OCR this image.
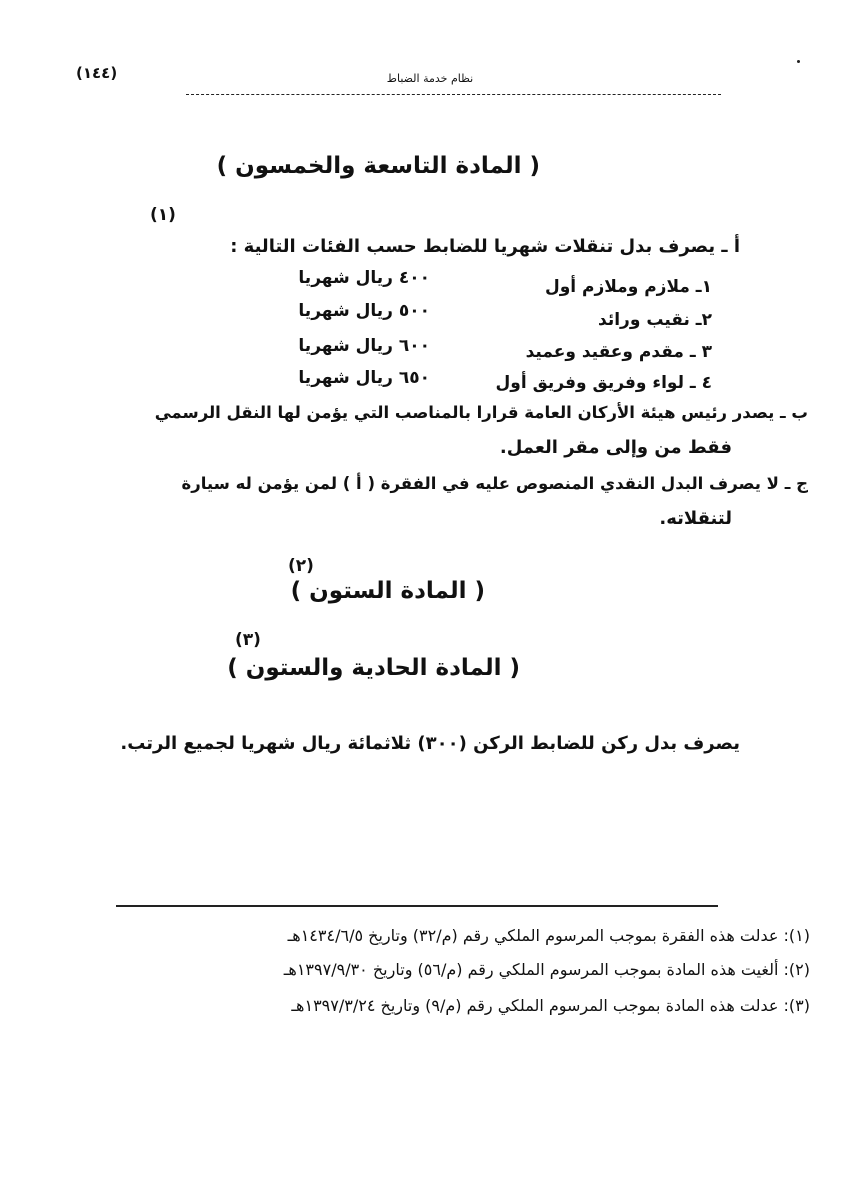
(١٤٤)	نظام خدمة الضباط
( المادة التاسعة والخمسون )
(١)
أ ـ يصرف بدل تنقلات شهريا للضابط حسب الفئات التالية :
١ـ ملازم وملازم أول
٤٠٠ ريال شهريا
٢ـ نقيب ورائد
٥٠٠ ريال شهريا
٣ ـ مقدم وعقيد وعميد
٦٠٠ ريال شهريا
٤ ـ لواء وفريق وفريق أول
٦٥٠ ريال شهريا
ب ـ يصدر رئيس هيئة الأركان العامة قرارا بالمناصب التي يؤمن لها النقل الرسمي
فقط من وإلى مقر العمل.
ج ـ لا يصرف البدل النقدي المنصوص عليه في الفقرة ( أ ) لمن يؤمن له سيارة
لتنقلاته.
(٢)
( المادة الستون )
(٣)
( المادة الحادية والستون )
يصرف بدل ركن للضابط الركن (٣٠٠) ثلاثمائة ريال شهريا لجميع الرتب.
(١): عدلت هذه الفقرة بموجب المرسوم الملكي رقم (م/٣٢) وتاريخ ١٤٣٤/٦/٥هـ
(٢): ألغيت هذه المادة بموجب المرسوم الملكي رقم (م/٥٦) وتاريخ ١٣٩٧/٩/٣٠هـ
(٣): عدلت هذه المادة بموجب المرسوم الملكي رقم (م/٩) وتاريخ ١٣٩٧/٣/٢٤هـ
